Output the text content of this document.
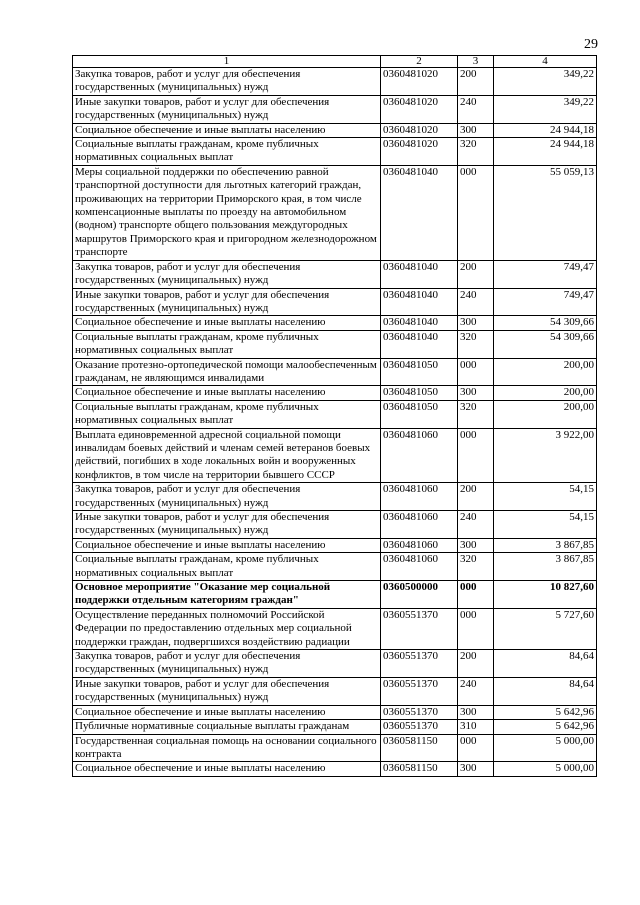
29
1	2	3	4
Закупка товаров, работ и услуг для обеспечения государственных (муниципальных) нужд	0360481020	200	349,22
Иные закупки товаров, работ и услуг для обеспечения государственных (муниципальных) нужд	0360481020	240	349,22
Социальное обеспечение и иные выплаты населению	0360481020	300	24 944,18
Социальные выплаты гражданам, кроме публичных нормативных социальных выплат	0360481020	320	24 944,18
Меры социальной поддержки по обеспечению равной транспортной доступности для льготных категорий граждан, проживающих на территории Приморского края, в том числе компенсационные выплаты по проезду на автомобильном (водном) транспорте общего пользования междугородных маршрутов Приморского края и пригородном железнодорожном транспорте	0360481040	000	55 059,13
Закупка товаров, работ и услуг для обеспечения государственных (муниципальных) нужд	0360481040	200	749,47
Иные закупки товаров, работ и услуг для обеспечения государственных (муниципальных) нужд	0360481040	240	749,47
Социальное обеспечение и иные выплаты населению	0360481040	300	54 309,66
Социальные выплаты гражданам, кроме публичных нормативных социальных выплат	0360481040	320	54 309,66
Оказание протезно-ортопедической помощи малообеспеченным гражданам, не являющимся инвалидами	0360481050	000	200,00
Социальное обеспечение и иные выплаты населению	0360481050	300	200,00
Социальные выплаты гражданам, кроме публичных нормативных социальных выплат	0360481050	320	200,00
Выплата единовременной адресной социальной помощи инвалидам боевых действий и членам семей ветеранов боевых действий, погибших в ходе локальных войн и вооруженных конфликтов, в том числе на территории бывшего СССР	0360481060	000	3 922,00
Закупка товаров, работ и услуг для обеспечения государственных (муниципальных) нужд	0360481060	200	54,15
Иные закупки товаров, работ и услуг для обеспечения государственных (муниципальных) нужд	0360481060	240	54,15
Социальное обеспечение и иные выплаты населению	0360481060	300	3 867,85
Социальные выплаты гражданам, кроме публичных нормативных социальных выплат	0360481060	320	3 867,85
Основное мероприятие "Оказание мер социальной поддержки отдельным категориям граждан"	0360500000	000	10 827,60
Осуществление переданных полномочий Российской Федерации по предоставлению отдельных мер социальной поддержки граждан, подвергшихся воздействию радиации	0360551370	000	5 727,60
Закупка товаров, работ и услуг для обеспечения государственных (муниципальных) нужд	0360551370	200	84,64
Иные закупки товаров, работ и услуг для обеспечения государственных (муниципальных) нужд	0360551370	240	84,64
Социальное обеспечение и иные выплаты населению	0360551370	300	5 642,96
Публичные нормативные социальные выплаты гражданам	0360551370	310	5 642,96
Государственная социальная помощь на основании социального контракта	0360581150	000	5 000,00
Социальное обеспечение и иные выплаты населению	0360581150	300	5 000,00
